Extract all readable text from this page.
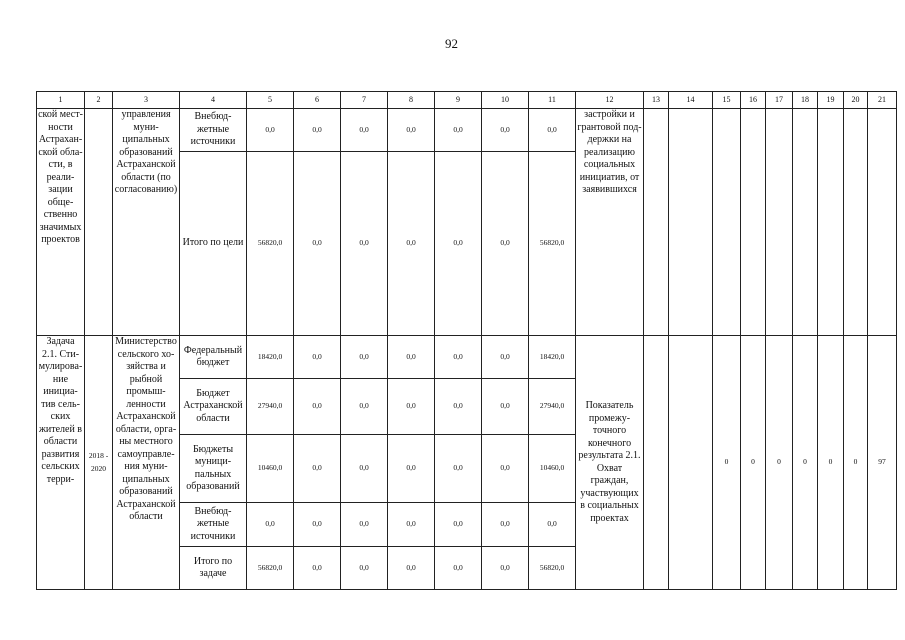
92
1	2	3	4	5	6	7	8	9	10	11	12	13	14	15	16	17	18	19	20	21
ской местности Астраханской области, в реализации общественно значимых проектов		управления муниципальных образований Астраханской области (по согласованию)	Внебюджетные источники	0,0	0,0	0,0	0,0	0,0	0,0	0,0	застройки и грантoвой поддержки на реализацию социальных инициатив, от заявившихся									
			Итого по цели	56820,0	0,0	0,0	0,0	0,0	0,0	56820,0										
Задача 2.1. Стимулирование инициатив сельских жителей в области развития сельских терри-	2018 - 2020	Министерство сельского хозяйства и рыбной промышленности Астраханской области, органы местного самоуправления муниципальных образований Астраханской области	Федеральный бюджет	18420,0	0,0	0,0	0,0	0,0	0,0	18420,0	Показатель промежуточного конечного результата 2.1. Охват граждан, участвующих в социальных проектах			0	0	0	0	0	0	97
			Бюджет Астраханской области	27940,0	0,0	0,0	0,0	0,0	0,0	27940,0										
			Бюджеты муниципальных образований	10460,0	0,0	0,0	0,0	0,0	0,0	10460,0										
			Внебюджетные источники	0,0	0,0	0,0	0,0	0,0	0,0	0,0										
			Итого по задаче	56820,0	0,0	0,0	0,0	0,0	0,0	56820,0										
